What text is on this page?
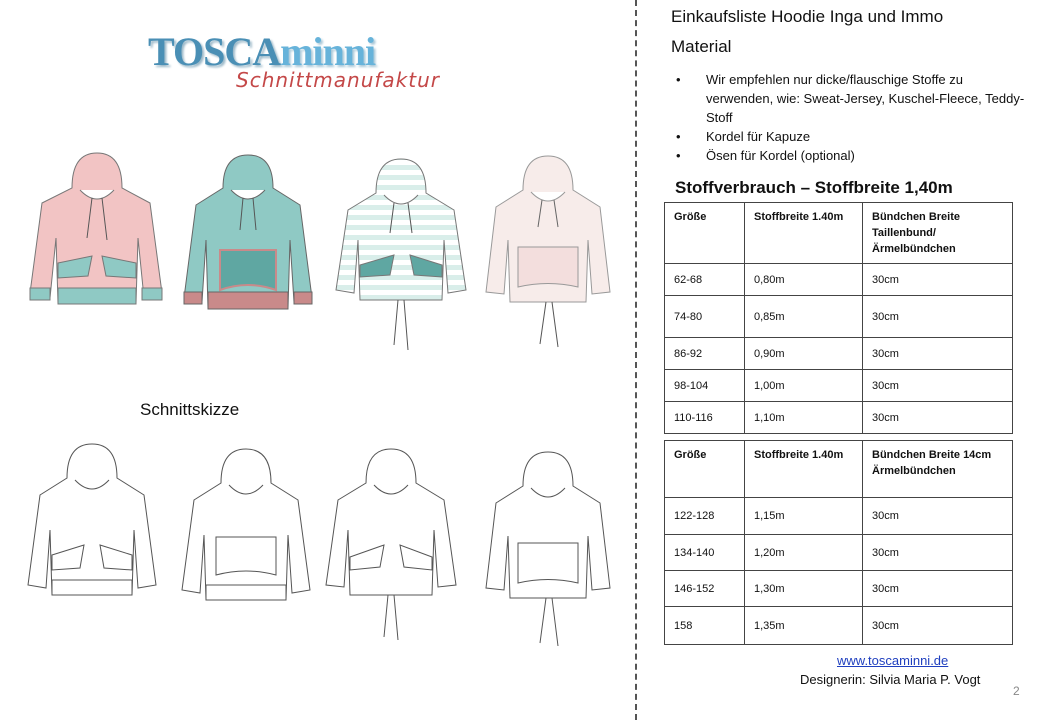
TOSCAminni
Schnittmanufaktur
Schnittskizze
Einkaufsliste Hoodie Inga und Immo
Material
• Wir empfehlen nur dicke/flauschige Stoffe zu verwenden, wie: Sweat-Jersey, Kuschel-Fleece, Teddy-Stoff
• Kordel für Kapuze
• Ösen für Kordel (optional)
Stoffverbrauch – Stoffbreite 1,40m
Größe	Stoffbreite 1.40m	Bündchen Breite Taillenbund/ Ärmelbündchen
62-68	0,80m	30cm
74-80	0,85m	30cm
86-92	0,90m	30cm
98-104	1,00m	30cm
110-116	1,10m	30cm
Größe	Stoffbreite 1.40m	Bündchen Breite 14cm Ärmelbündchen
122-128	1,15m	30cm
134-140	1,20m	30cm
146-152	1,30m	30cm
158	1,35m	30cm
www.toscaminni.de
Designerin: Silvia Maria P. Vogt
2
